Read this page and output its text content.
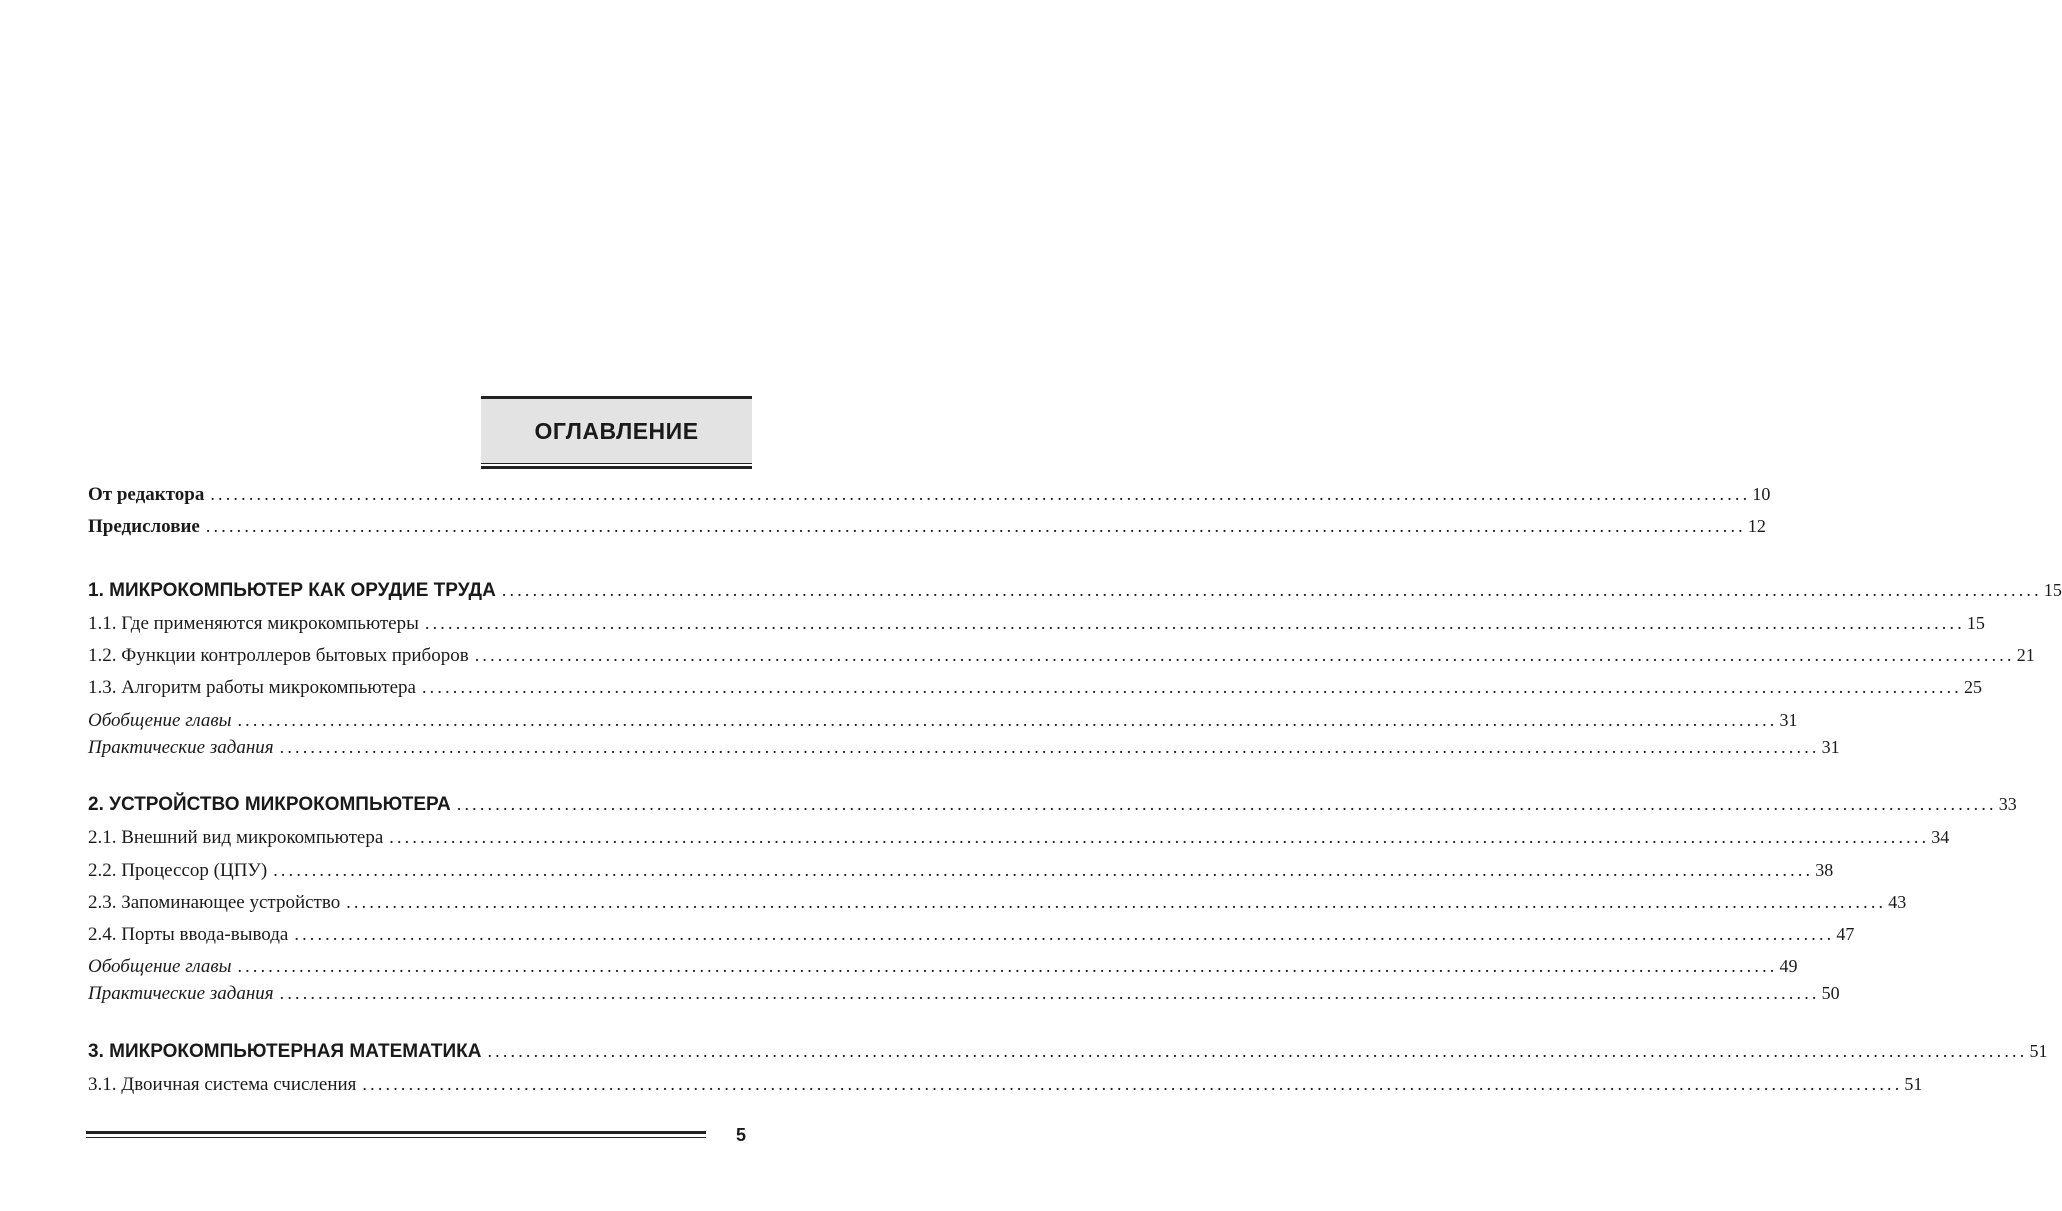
ОГЛАВЛЕНИЕ
От редактора ........................................................................................................................................................................................................ 10
Предисловие ........................................................................................................................................................................................................ 12
1. МИКРОКОМПЬЮТЕР КАК ОРУДИЕ ТРУДА ........................................................................................................................................................................................................ 15
1.1. Где применяются микрокомпьютеры ........................................................................................................................................................................................................ 15
1.2. Функции контроллеров бытовых приборов ........................................................................................................................................................................................................ 21
1.3. Алгоритм работы микрокомпьютера ........................................................................................................................................................................................................ 25
Обобщение главы ........................................................................................................................................................................................................ 31
Практические задания ........................................................................................................................................................................................................ 31
2. УСТРОЙСТВО МИКРОКОМПЬЮТЕРА ........................................................................................................................................................................................................ 33
2.1. Внешний вид микрокомпьютера ........................................................................................................................................................................................................ 34
2.2. Процессор (ЦПУ) ........................................................................................................................................................................................................ 38
2.3. Запоминающее устройство ........................................................................................................................................................................................................ 43
2.4. Порты ввода-вывода ........................................................................................................................................................................................................ 47
Обобщение главы ........................................................................................................................................................................................................ 49
Практические задания ........................................................................................................................................................................................................ 50
3. МИКРОКОМПЬЮТЕРНАЯ МАТЕМАТИКА ........................................................................................................................................................................................................ 51
3.1. Двоичная система счисления ........................................................................................................................................................................................................ 51
5
